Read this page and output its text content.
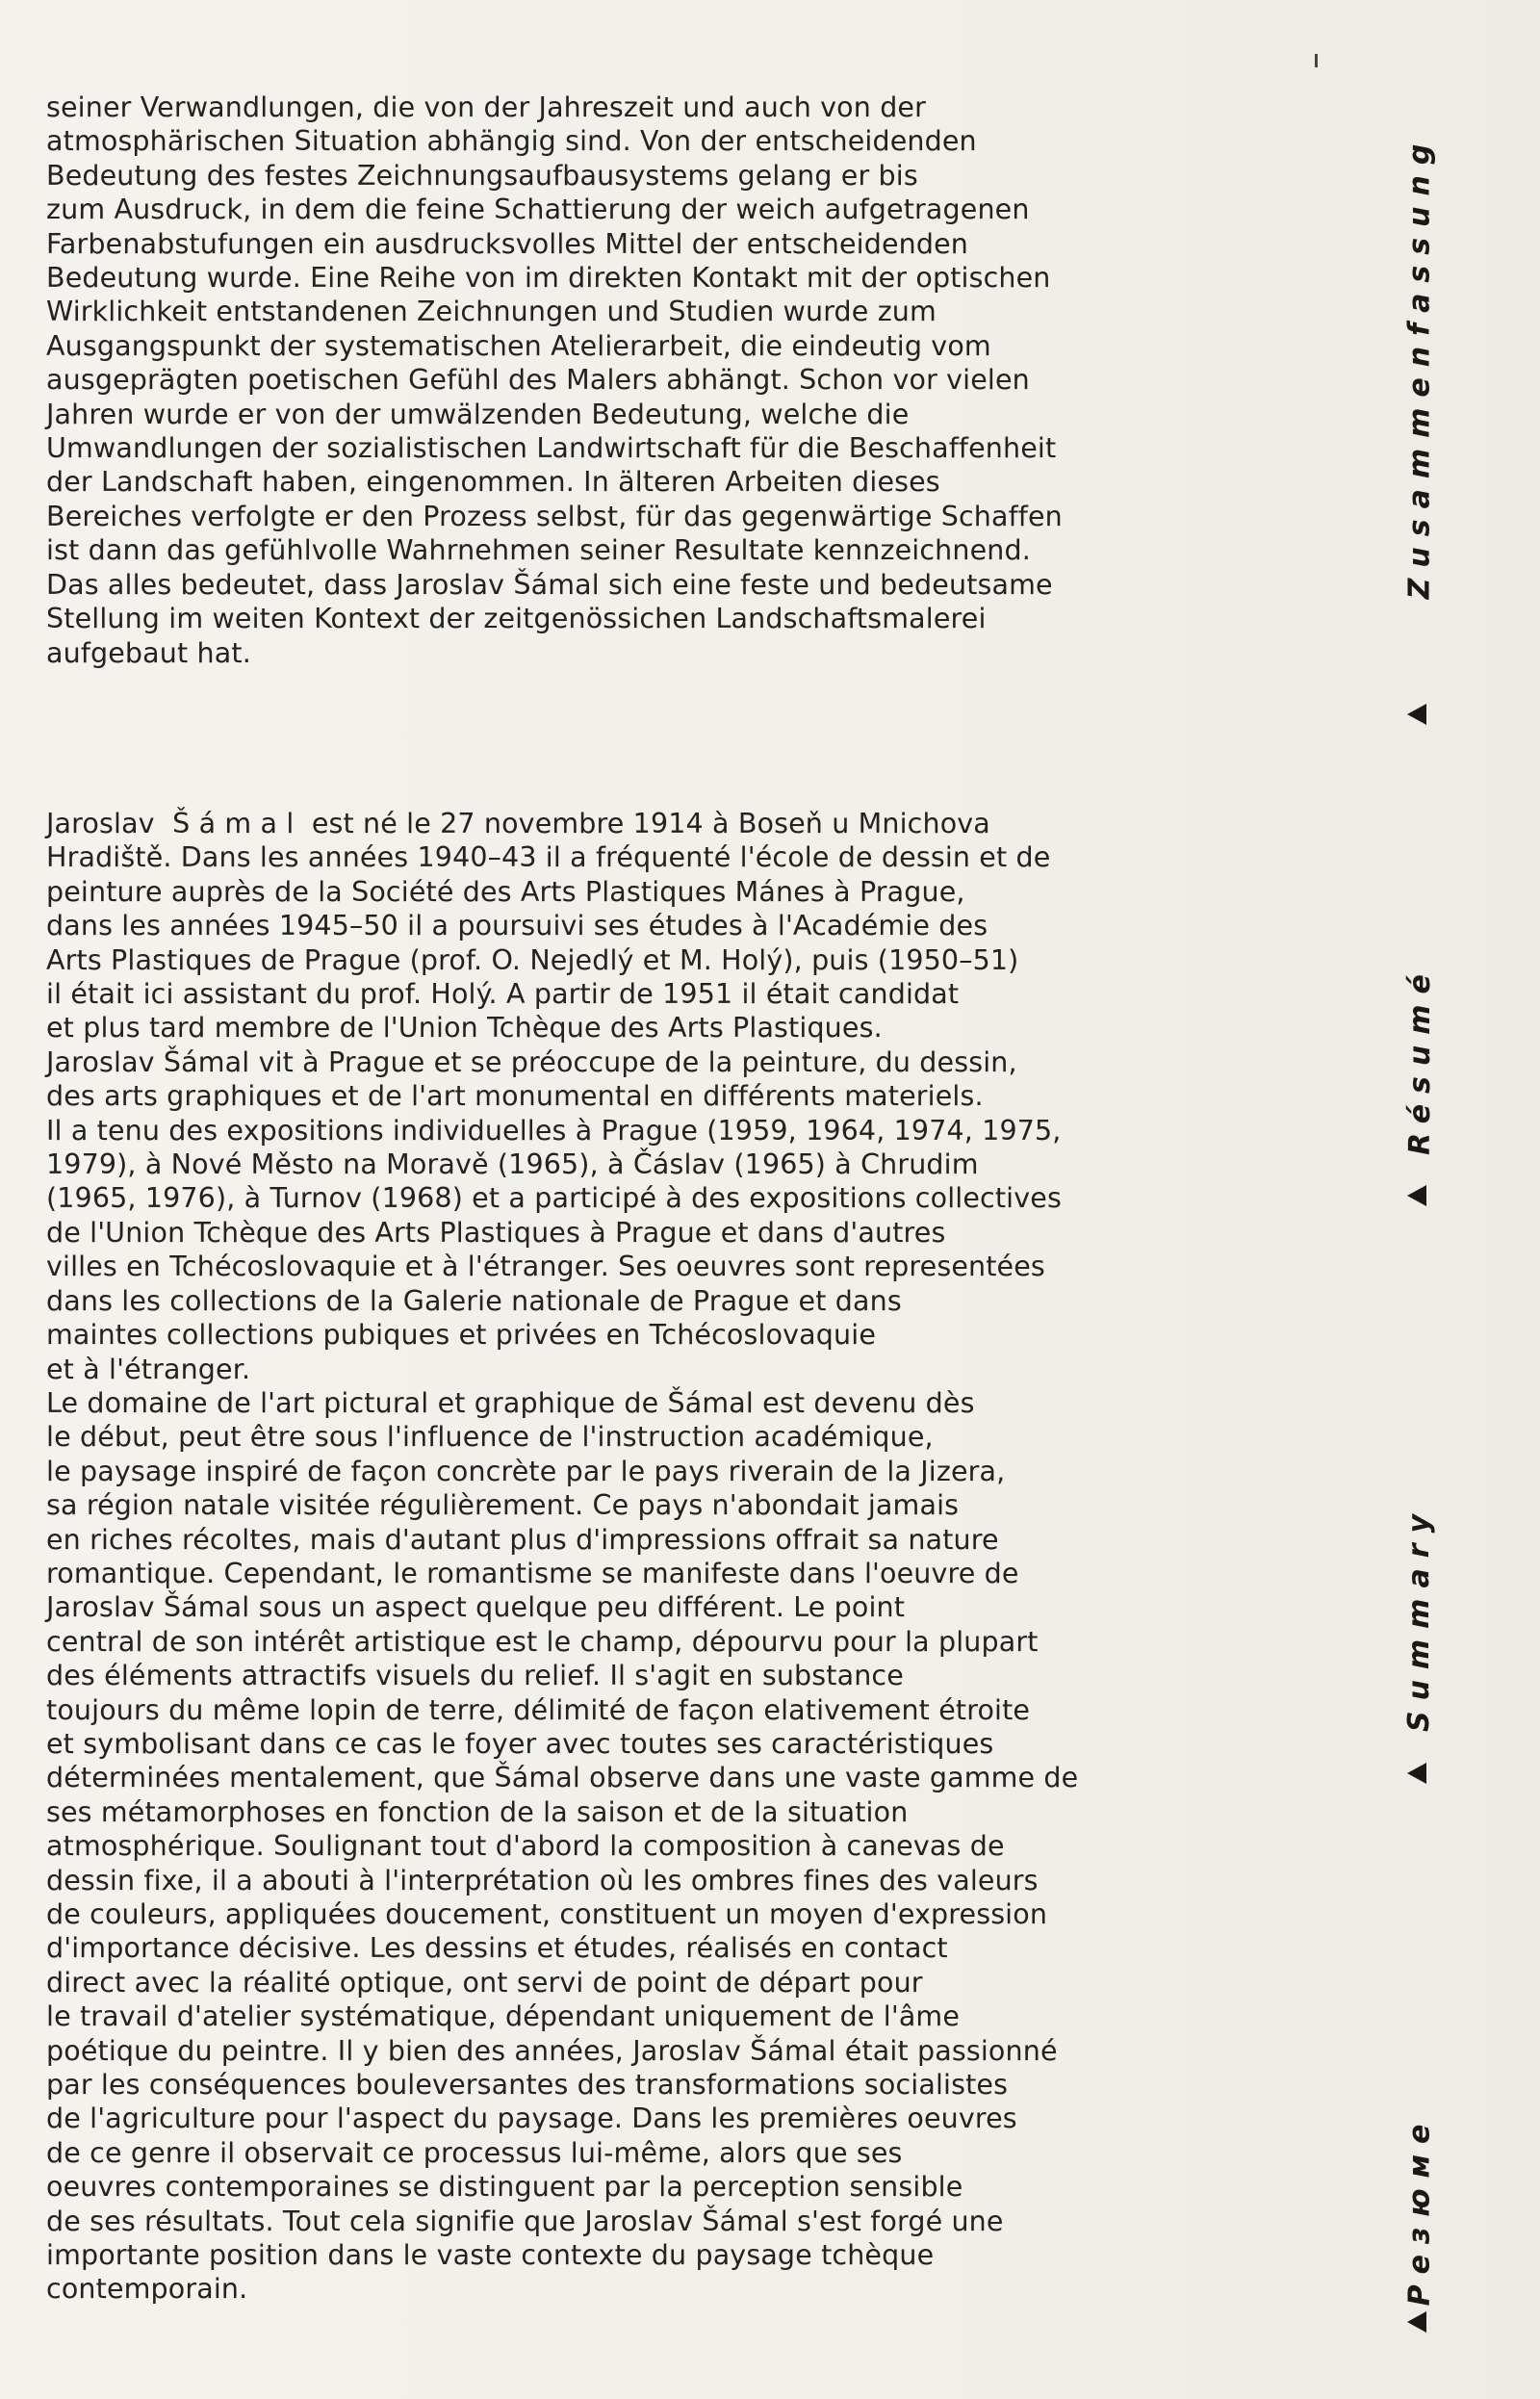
seiner Verwandlungen, die von der Jahreszeit und auch von der
atmosphärischen Situation abhängig sind. Von der entscheidenden
Bedeutung des festes Zeichnungsaufbausystems gelang er bis
zum Ausdruck, in dem die feine Schattierung der weich aufgetragenen
Farbenabstufungen ein ausdrucksvolles Mittel der entscheidenden
Bedeutung wurde. Eine Reihe von im direkten Kontakt mit der optischen
Wirklichkeit entstandenen Zeichnungen und Studien wurde zum
Ausgangspunkt der systematischen Atelierarbeit, die eindeutig vom
ausgeprägten poetischen Gefühl des Malers abhängt. Schon vor vielen
Jahren wurde er von der umwälzenden Bedeutung, welche die
Umwandlungen der sozialistischen Landwirtschaft für die Beschaffenheit
der Landschaft haben, eingenommen. In älteren Arbeiten dieses
Bereiches verfolgte er den Prozess selbst, für das gegenwärtige Schaffen
ist dann das gefühlvolle Wahrnehmen seiner Resultate kennzeichnend.
Das alles bedeutet, dass Jaroslav Šámal sich eine feste und bedeutsame
Stellung im weiten Kontext der zeitgenössichen Landschaftsmalerei
aufgebaut hat.
Jaroslav  Š á m a l  est né le 27 novembre 1914 à Boseň u Mnichova
Hradiště. Dans les années 1940–43 il a fréquenté l'école de dessin et de
peinture auprès de la Société des Arts Plastiques Mánes à Prague,
dans les années 1945–50 il a poursuivi ses études à l'Académie des
Arts Plastiques de Prague (prof. O. Nejedlý et M. Holý), puis (1950–51)
il était ici assistant du prof. Holý. A partir de 1951 il était candidat
et plus tard membre de l'Union Tchèque des Arts Plastiques.
Jaroslav Šámal vit à Prague et se préoccupe de la peinture, du dessin,
des arts graphiques et de l'art monumental en différents materiels.
Il a tenu des expositions individuelles à Prague (1959, 1964, 1974, 1975,
1979), à Nové Město na Moravě (1965), à Čáslav (1965) à Chrudim
(1965, 1976), à Turnov (1968) et a participé à des expositions collectives
de l'Union Tchèque des Arts Plastiques à Prague et dans d'autres
villes en Tchécoslovaquie et à l'étranger. Ses oeuvres sont representées
dans les collections de la Galerie nationale de Prague et dans
maintes collections pubiques et privées en Tchécoslovaquie
et à l'étranger.
Le domaine de l'art pictural et graphique de Šámal est devenu dès
le début, peut être sous l'influence de l'instruction académique,
le paysage inspiré de façon concrète par le pays riverain de la Jizera,
sa région natale visitée régulièrement. Ce pays n'abondait jamais
en riches récoltes, mais d'autant plus d'impressions offrait sa nature
romantique. Cependant, le romantisme se manifeste dans l'oeuvre de
Jaroslav Šámal sous un aspect quelque peu différent. Le point
central de son intérêt artistique est le champ, dépourvu pour la plupart
des éléments attractifs visuels du relief. Il s'agit en substance
toujours du même lopin de terre, délimité de façon elativement étroite
et symbolisant dans ce cas le foyer avec toutes ses caractéristiques
déterminées mentalement, que Šámal observe dans une vaste gamme de
ses métamorphoses en fonction de la saison et de la situation
atmosphérique. Soulignant tout d'abord la composition à canevas de
dessin fixe, il a abouti à l'interprétation où les ombres fines des valeurs
de couleurs, appliquées doucement, constituent un moyen d'expression
d'importance décisive. Les dessins et études, réalisés en contact
direct avec la réalité optique, ont servi de point de départ pour
le travail d'atelier systématique, dépendant uniquement de l'âme
poétique du peintre. Il y bien des années, Jaroslav Šámal était passionné
par les conséquences bouleversantes des transformations socialistes
de l'agriculture pour l'aspect du paysage. Dans les premières oeuvres
de ce genre il observait ce processus lui-même, alors que ses
oeuvres contemporaines se distinguent par la perception sensible
de ses résultats. Tout cela signifie que Jaroslav Šámal s'est forgé une
importante position dans le vaste contexte du paysage tchèque
contemporain.
Zusammenfassung
Résumé
Summary
Резюме
